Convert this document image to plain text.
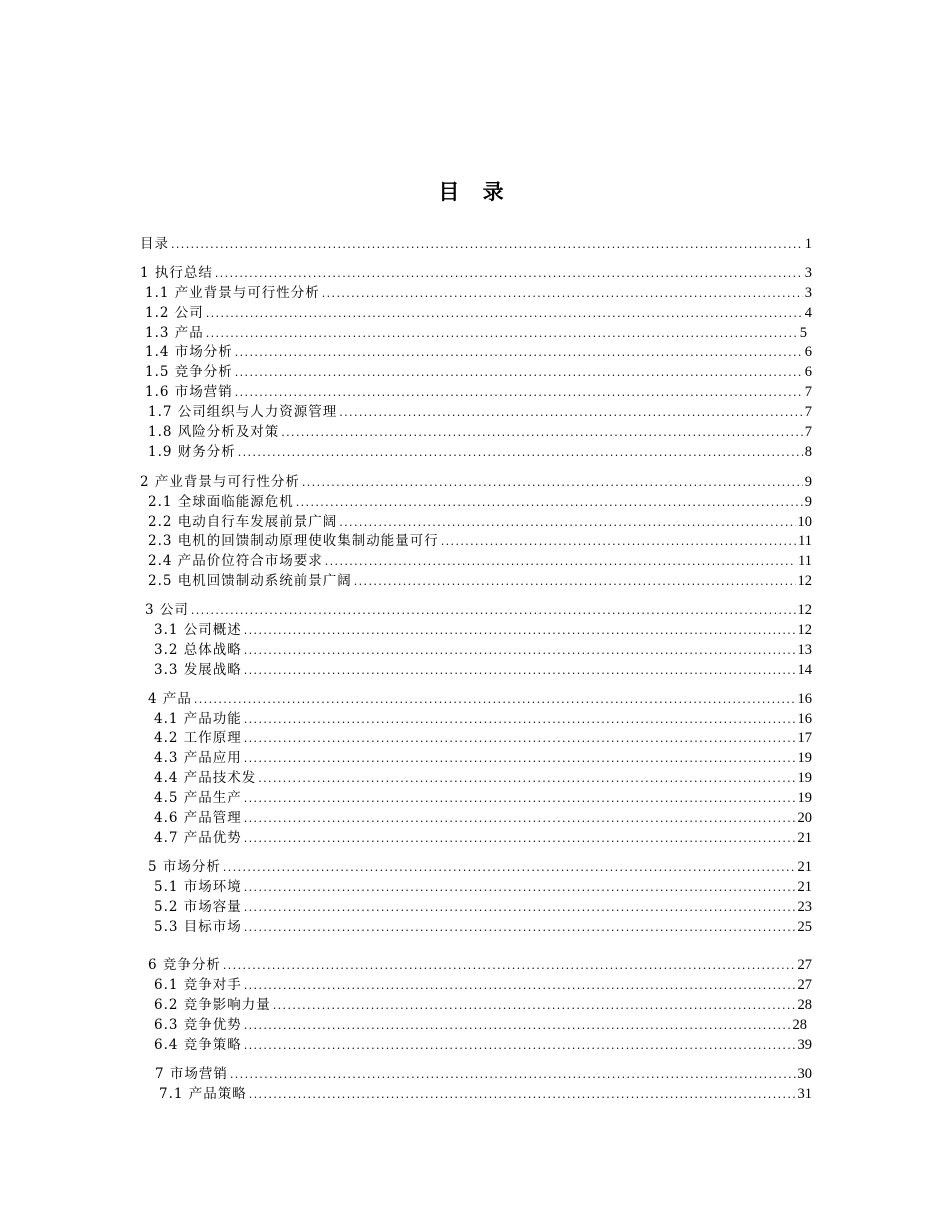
目 录
目录 .....	1
1 执行总结 .....	3
1.1 产业背景与可行性分析 .....	3
1.2 公司 .....	4
1.3 产品 .....	5
1.4 市场分析 .....	6
1.5 竞争分析 .....	6
1.6 市场营销 .....	7
1.7 公司组织与人力资源管理 .....	7
1.8 风险分析及对策 .....	7
1.9 财务分析 .....	8
2 产业背景与可行性分析 .....	9
2.1 全球面临能源危机 .....	9
2.2 电动自行车发展前景广阔 .....	10
2.3 电机的回馈制动原理使收集制动能量可行 .....	11
2.4 产品价位符合市场要求 .....	11
2.5 电机回馈制动系统前景广阔 .....	12
3 公司 .....	12
3.1 公司概述 .....	12
3.2 总体战略 .....	13
3.3 发展战略 .....	14
4 产品 .....	16
4.1 产品功能 .....	16
4.2 工作原理 .....	17
4.3 产品应用 .....	19
4.4 产品技术发 .....	19
4.5 产品生产 .....	19
4.6 产品管理 .....	20
4.7 产品优势 .....	21
5 市场分析 .....	21
5.1 市场环境 .....	21
5.2 市场容量 .....	23
5.3 目标市场 .....	25
6 竞争分析 .....	27
6.1 竞争对手 .....	27
6.2 竞争影响力量 .....	28
6.3 竞争优势 .....	28
6.4 竞争策略 .....	39
7 市场营销 .....	30
7.1 产品策略 .....	31
